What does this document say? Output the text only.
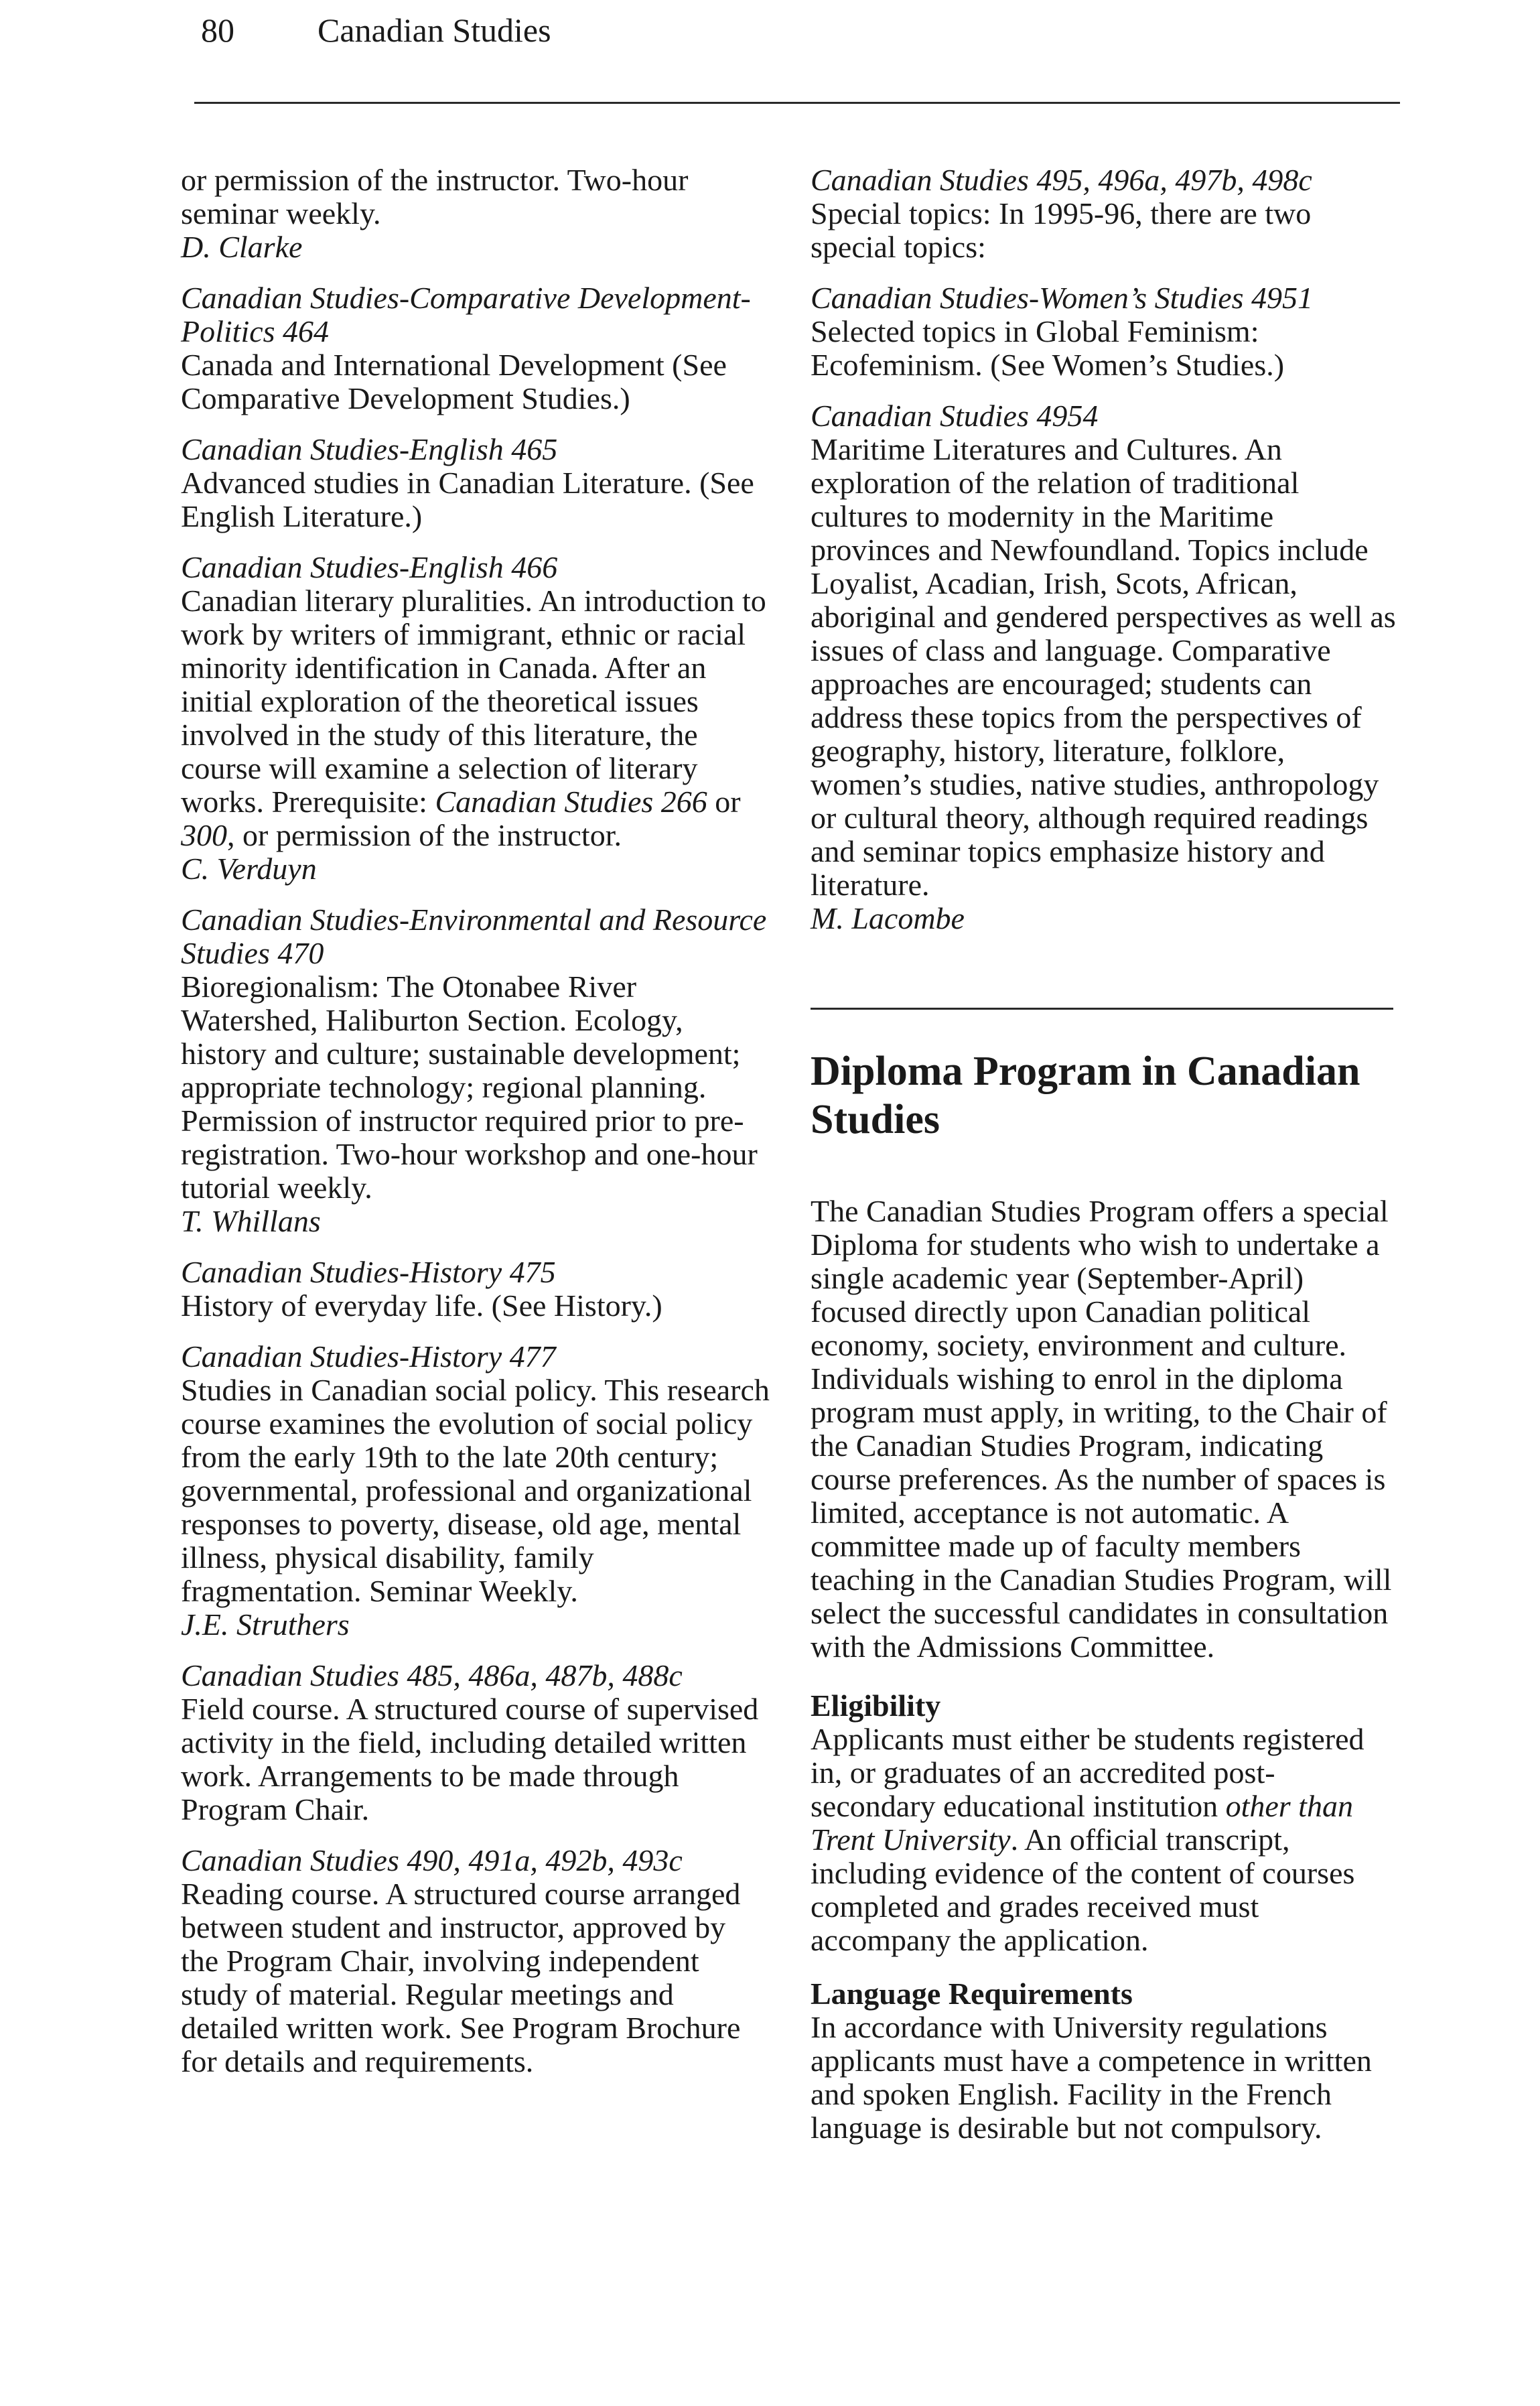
80 Canadian Studies
or permission of the instructor. Two-hour seminar weekly.
D. Clarke
Canadian Studies-Comparative Development-Politics 464
Canada and International Development (See Comparative Development Studies.)
Canadian Studies-English 465
Advanced studies in Canadian Literature. (See English Literature.)
Canadian Studies-English 466
Canadian literary pluralities. An introduction to work by writers of immigrant, ethnic or racial minority identification in Canada. After an initial exploration of the theoretical issues involved in the study of this literature, the course will examine a selection of literary works. Prerequisite: Canadian Studies 266 or 300, or permission of the instructor.
C. Verduyn
Canadian Studies-Environmental and Resource Studies 470
Bioregionalism: The Otonabee River Watershed, Haliburton Section. Ecology, history and culture; sustainable development; appropriate technology; regional planning. Permission of instructor required prior to pre-registration. Two-hour workshop and one-hour tutorial weekly.
T. Whillans
Canadian Studies-History 475
History of everyday life. (See History.)
Canadian Studies-History 477
Studies in Canadian social policy. This research course examines the evolution of social policy from the early 19th to the late 20th century; governmental, professional and organizational responses to poverty, disease, old age, mental illness, physical disability, family fragmentation. Seminar Weekly.
J.E. Struthers
Canadian Studies 485, 486a, 487b, 488c
Field course. A structured course of supervised activity in the field, including detailed written work. Arrangements to be made through Program Chair.
Canadian Studies 490, 491a, 492b, 493c
Reading course. A structured course arranged between student and instructor, approved by the Program Chair, involving independent study of material. Regular meetings and detailed written work. See Program Brochure for details and requirements.
Canadian Studies 495, 496a, 497b, 498c
Special topics: In 1995-96, there are two special topics:
Canadian Studies-Women’s Studies 4951
Selected topics in Global Feminism: Ecofeminism. (See Women’s Studies.)
Canadian Studies 4954
Maritime Literatures and Cultures. An exploration of the relation of traditional cultures to modernity in the Maritime provinces and Newfoundland. Topics include Loyalist, Acadian, Irish, Scots, African, aboriginal and gendered perspectives as well as issues of class and language. Comparative approaches are encouraged; students can address these topics from the perspectives of geography, history, literature, folklore, women’s studies, native studies, anthropology or cultural theory, although required readings and seminar topics emphasize history and literature.
M. Lacombe
Diploma Program in Canadian Studies
The Canadian Studies Program offers a special Diploma for students who wish to undertake a single academic year (September-April) focused directly upon Canadian political economy, society, environment and culture. Individuals wishing to enrol in the diploma program must apply, in writing, to the Chair of the Canadian Studies Program, indicating course preferences. As the number of spaces is limited, acceptance is not automatic. A committee made up of faculty members teaching in the Canadian Studies Program, will select the successful candidates in consultation with the Admissions Committee.
Eligibility
Applicants must either be students registered in, or graduates of an accredited post-secondary educational institution other than Trent University. An official transcript, including evidence of the content of courses completed and grades received must accompany the application.
Language Requirements
In accordance with University regulations applicants must have a competence in written and spoken English. Facility in the French language is desirable but not compulsory.
